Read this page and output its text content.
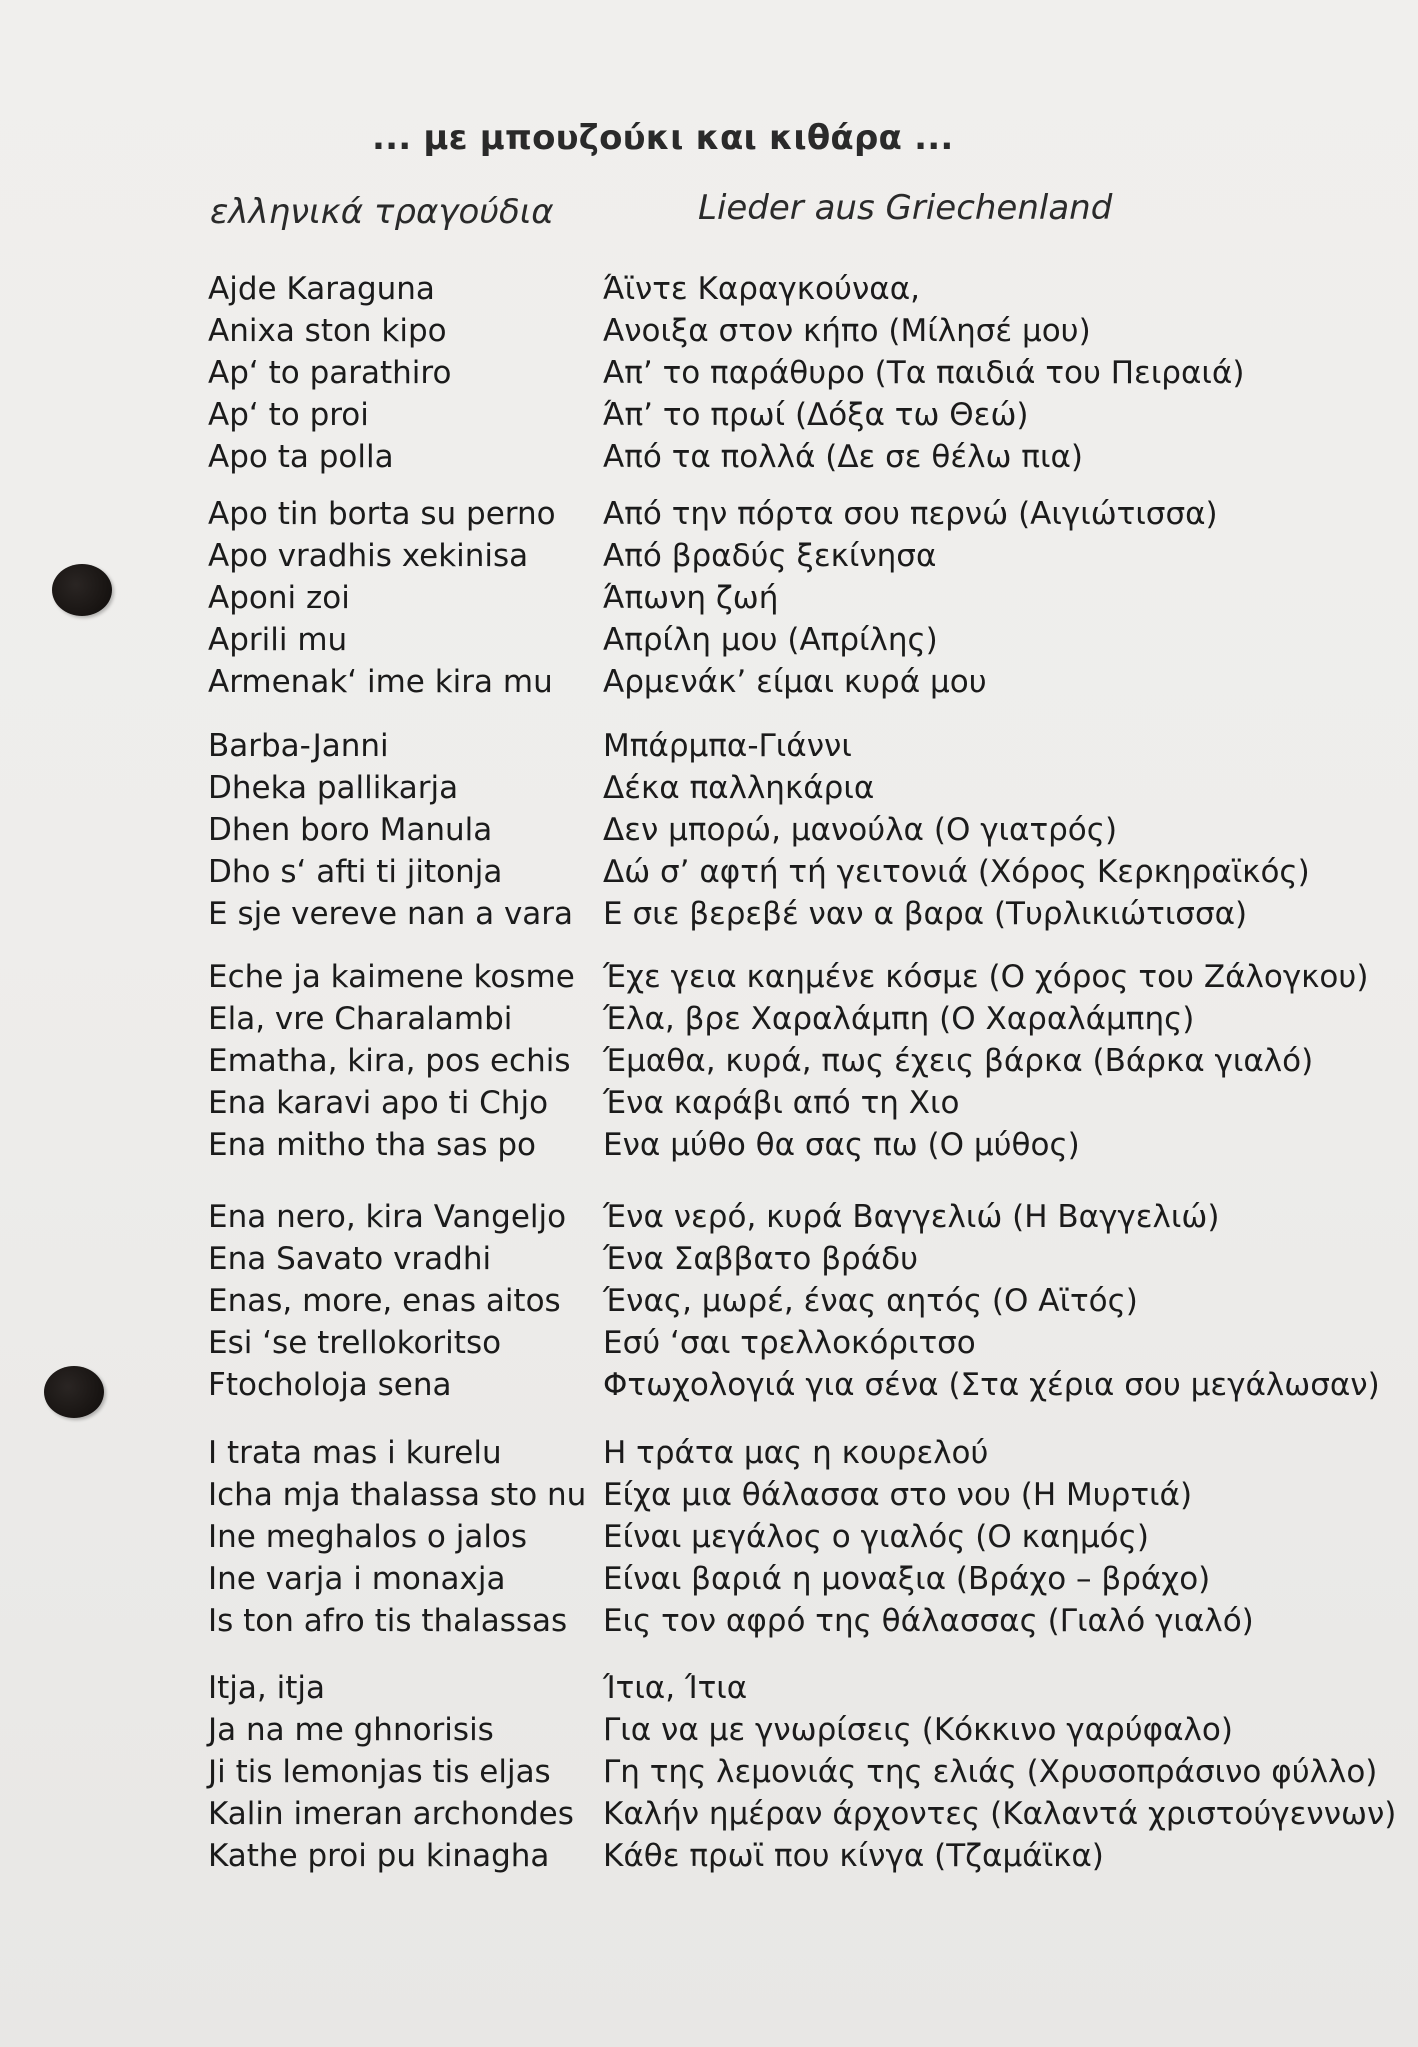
... με μπουζούκι και κιθάρα ...
ελληνικά τραγούδια	Lieder aus Griechenland
Ajde Karaguna	Άϊντε Καραγκούναα,
Anixa ston kipo	Ανοιξα στον κήπο (Μίλησέ μου)
Ap‘ to parathiro	Απ’ το παράθυρο (Τα παιδιά του Πειραιά)
Ap‘ to proi	Άπ’ το πρωί (Δόξα τω Θεώ)
Apo ta polla	Από τα πολλά (Δε σε θέλω πια)
Apo tin borta su perno Από την πόρτα σου περνώ (Αιγιώτισσα)
Apo vradhis xekinisa Από βραδύς ξεκίνησα
Aponi zoi	Άπωνη ζωή
Aprili mu	Απρίλη μου (Απρίλης)
Armenak‘ ime kira mu Αρμενάκ’ είμαι κυρά μου
Barba-Janni	Μπάρμπα-Γιάννι
Dheka pallikarja	Δέκα παλληκάρια
Dhen boro Manula	Δεν μπορώ, μανούλα (Ο γιατρός)
Dho s‘ afti ti jitonja	Δώ σ’ αφτή τή γειτονιά (Χόρος Κερκηραϊκός)
E sje vereve nan a vara Ε σιε βερεβέ ναν α βαρα (Τυρλικιώτισσα)
Eche ja kaimene kosme Έχε γεια καημένε κόσμε (Ο χόρος του Ζάλογκου)
Ela, vre Charalambi	Έλα, βρε Χαραλάμπη (Ο Χαραλάμπης)
Ematha, kira, pos echis Έμαθα, κυρά, πως έχεις βάρκα (Βάρκα γιαλό)
Ena karavi apo ti Chjo Ένα καράβι από τη Χιο
Ena mitho tha sas po Ενα μύθο θα σας πω (Ο μύθος)
Ena nero, kira Vangeljo Ένα νερό, κυρά Βαγγελιώ (Η Βαγγελιώ)
Ena Savato vradhi	Ένα Σαββατο βράδυ
Enas, more, enas aitos Ένας, μωρέ, ένας αητός (Ο Αϊτός)
Esi ‘se trellokoritso	Εσύ ‘σαι τρελλοκόριτσο
Ftocholoja sena	Φτωχολογιά για σένα (Στα χέρια σου μεγάλωσαν)
I trata mas i kurelu	Η τράτα μας η κουρελού
Icha mja thalassa sto nu Είχα μια θάλασσα στο νου (Η Μυρτιά)
Ine meghalos o jalos Είναι μεγάλος ο γιαλός (Ο καημός)
Ine varja i monaxja	Είναι βαριά η μοναξια (Βράχο – βράχο)
Is ton afro tis thalassas Εις τον αφρό της θάλασσας (Γιαλό γιαλό)
Itja, itja	Ίτια, Ίτια
Ja na me ghnorisis	Για να με γνωρίσεις (Κόκκινο γαρύφαλο)
Ji tis lemonjas tis eljas Γη της λεμονιάς της ελιάς (Χρυσοπράσινο φύλλο)
Kalin imeran archondes Καλήν ημέραν άρχοντες (Καλαντά χριστούγεννων)
Kathe proi pu kinagha Κάθε πρωϊ που κίνγα (Τζαμάϊκα)
